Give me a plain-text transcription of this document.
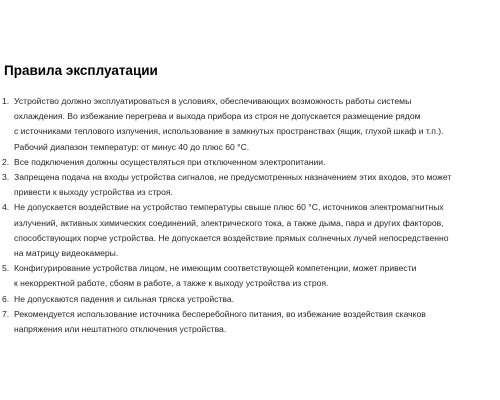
Правила эксплуатации
1. Устройство должно эксплуатироваться в условиях, обеспечивающих возможность работы системы
охлаждения. Во избежание перегрева и выхода прибора из строя не допускается размещение рядом
с источниками теплового излучения, использование в замкнутых пространствах (ящик, глухой шкаф и т.п.).
Рабочий диапазон температур: от минус 40 до плюс 60 °С.
2. Все подключения должны осуществляться при отключенном электропитании.
3. Запрещена подача на входы устройства сигналов, не предусмотренных назначением этих входов, это может
привести к выходу устройства из строя.
4. Не допускается воздействие на устройство температуры свыше плюс 60 °С, источников электромагнитных
излучений, активных химических соединений, электрического тока, а также дыма, пара и других факторов,
способствующих порче устройства. Не допускается воздействие прямых солнечных лучей непосредственно
на матрицу видеокамеры.
5. Конфигурирование устройства лицом, не имеющим соответствующей компетенции, может привести
к некорректной работе, сбоям в работе, а также к выходу устройства из строя.
6. Не допускаются падения и сильная тряска устройства.
7. Рекомендуется использование источника бесперебойного питания, во избежание воздействия скачков
напряжения или нештатного отключения устройства.
